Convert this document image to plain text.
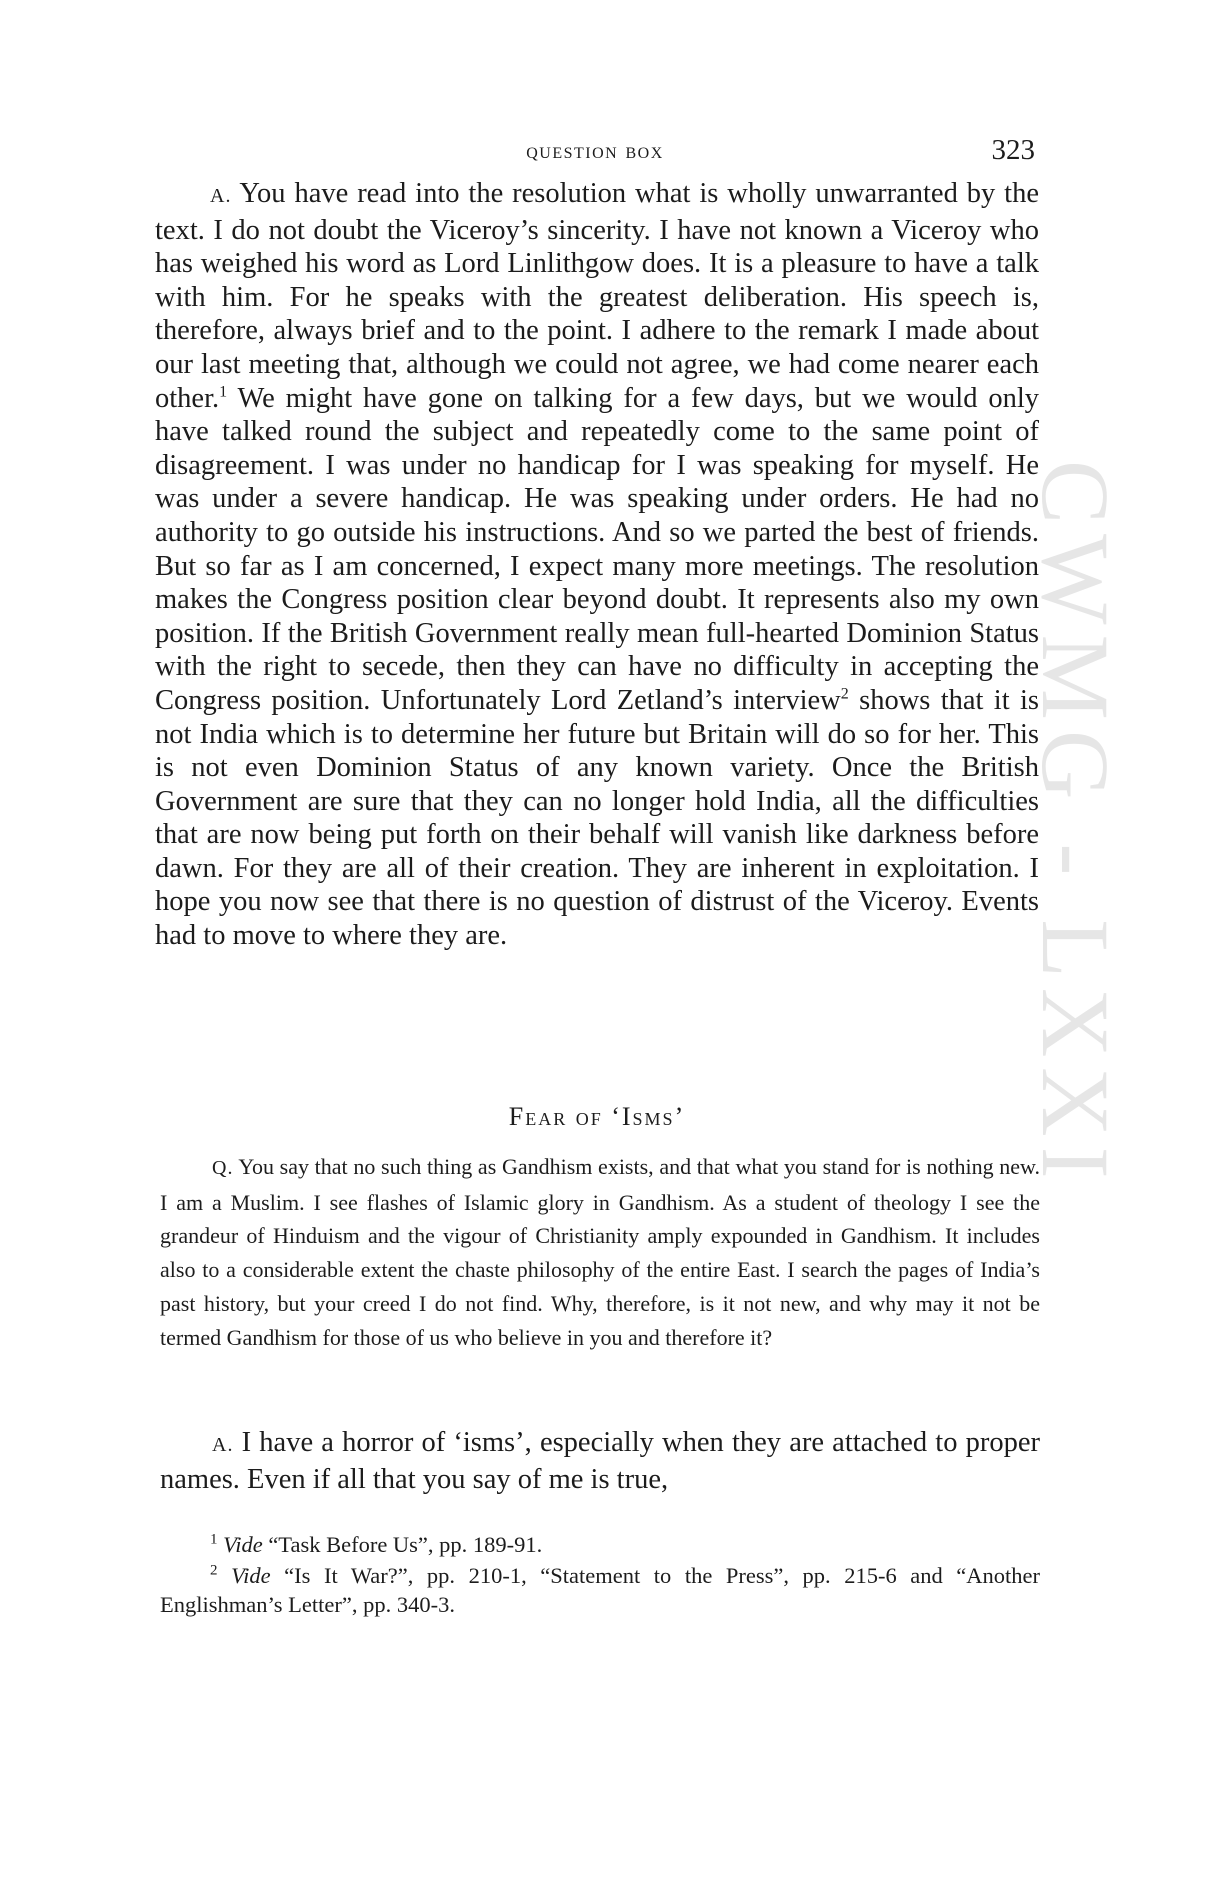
CWMG - LXXI
question box	323

A. You have read into the resolution what is wholly unwarranted by the text. I do not doubt the Viceroy’s sincerity. I have not known a Viceroy who has weighed his word as Lord Linlithgow does. It is a pleasure to have a talk with him. For he speaks with the greatest deliberation. His speech is, therefore, always brief and to the point. I adhere to the remark I made about our last meeting that, although we could not agree, we had come nearer each other.$^1$ We might have gone on talking for a few days, but we would only have talked round the subject and repeatedly come to the same point of disagreement. I was under no handicap for I was speaking for myself. He was under a severe handicap. He was speaking under orders. He had no authority to go outside his instructions. And so we parted the best of friends. But so far as I am concerned, I expect many more meetings. The resolution makes the Congress position clear beyond doubt. It represents also my own position. If the British Government really mean full-hearted Dominion Status with the right to secede, then they can have no difficulty in accepting the Congress position. Unfortunately Lord Zetland’s interview$^2$ shows that it is not India which is to determine her future but Britain will do so for her. This is not even Dominion Status of any known variety. Once the British Government are sure that they can no longer hold India, all the difficulties that are now being put forth on their behalf will vanish like darkness before dawn. For they are all of their creation. They are inherent in exploitation. I hope you now see that there is no question of distrust of the Viceroy. Events had to move to where they are.

Fear of ‘Isms’

Q. You say that no such thing as Gandhism exists, and that what you stand for is nothing new. I am a Muslim. I see flashes of Islamic glory in Gandhism. As a student of theology I see the grandeur of Hinduism and the vigour of Christianity amply expounded in Gandhism. It includes also to a considerable extent the chaste philosophy of the entire East. I search the pages of India’s past history, but your creed I do not find. Why, therefore, is it not new, and why may it not be termed Gandhism for those of us who believe in you and therefore it?

A. I have a horror of ‘isms’, especially when they are attached to proper names. Even if all that you say of me is true,

$^1$ Vide “Task Before Us”, pp. 189-91.

$^2$ Vide “Is It War?”, pp. 210-1, “Statement to the Press”, pp. 215-6 and “Another Englishman’s Letter”, pp. 340-3.
